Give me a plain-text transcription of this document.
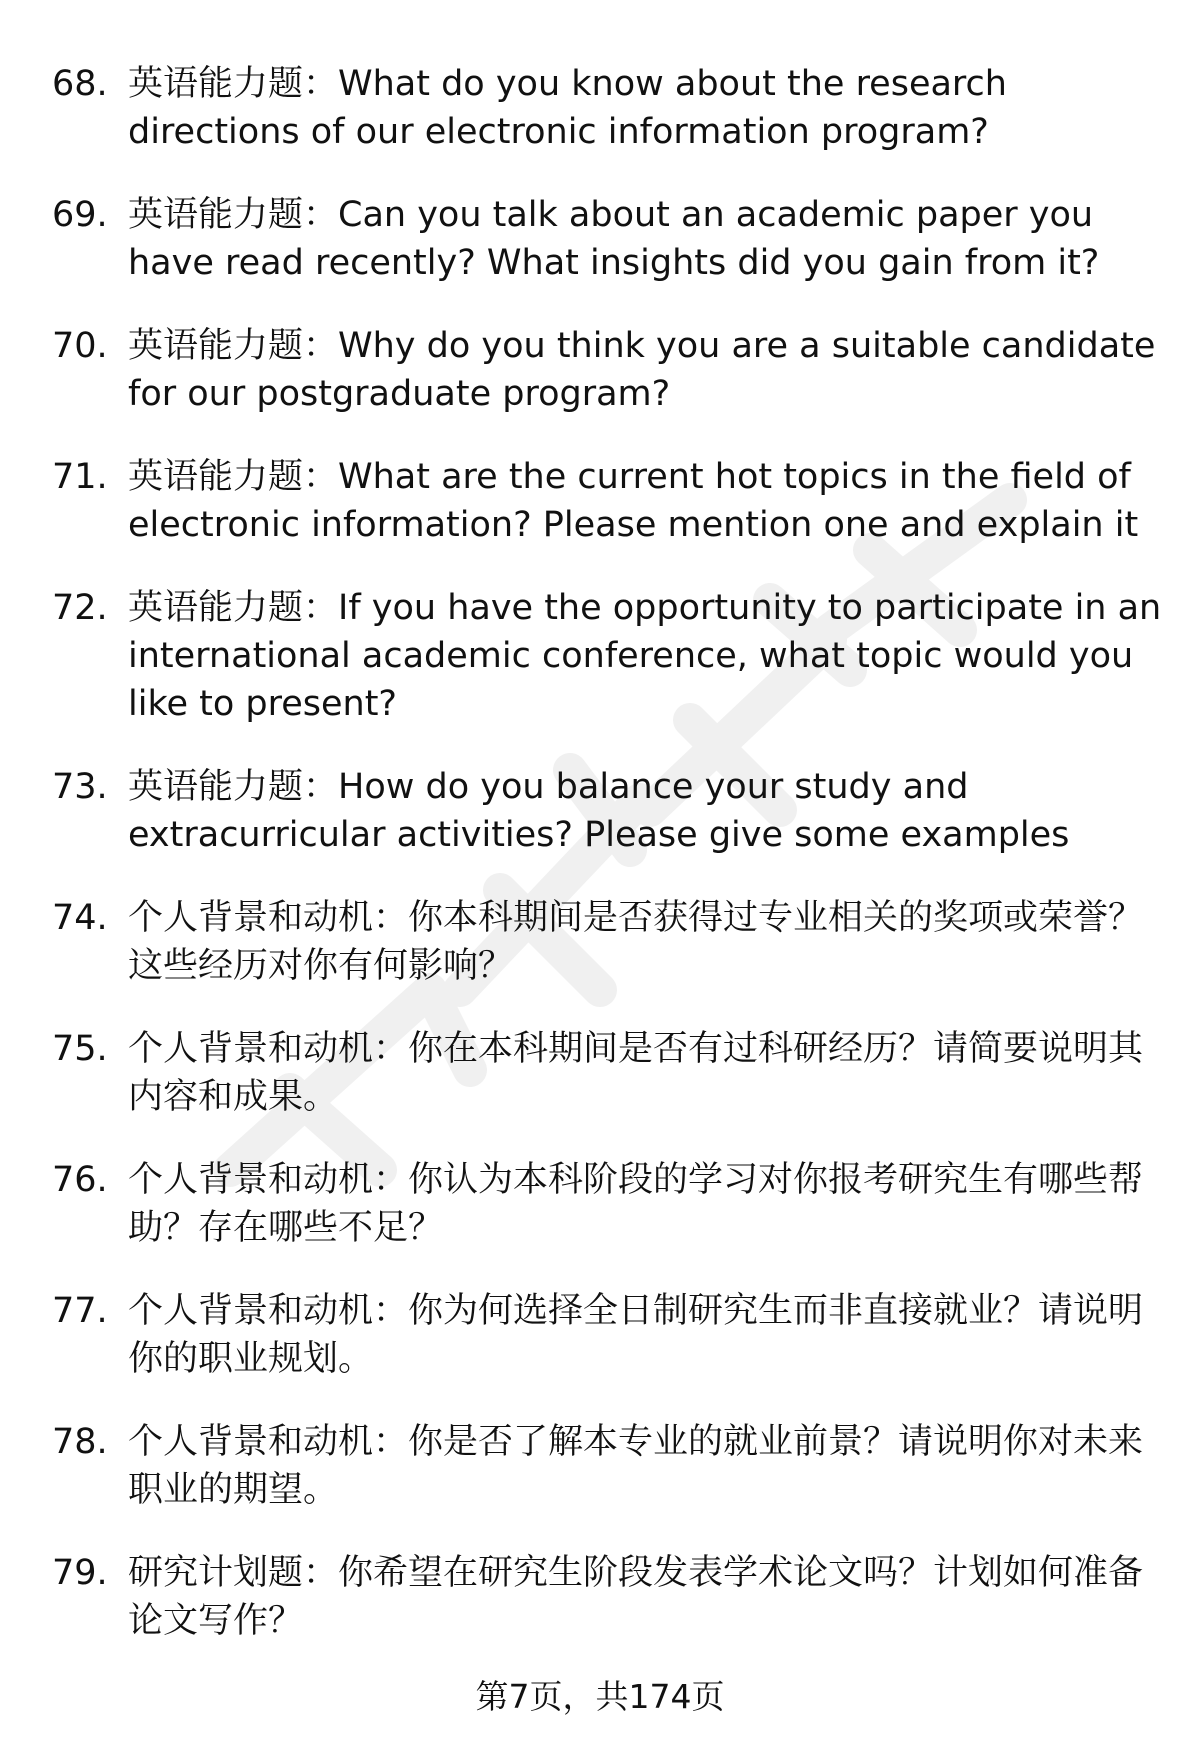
68. 英语能力题：What do you know about the research directions of our electronic information program?
69. 英语能力题：Can you talk about an academic paper you have read recently? What insights did you gain from it?
70. 英语能力题：Why do you think you are a suitable candidate for our postgraduate program?
71. 英语能力题：What are the current hot topics in the field of electronic information? Please mention one and explain it
72. 英语能力题：If you have the opportunity to participate in an international academic conference, what topic would you like to present?
73. 英语能力题：How do you balance your study and extracurricular activities? Please give some examples
74. 个人背景和动机：你本科期间是否获得过专业相关的奖项或荣誉？这些经历对你有何影响？
75. 个人背景和动机：你在本科期间是否有过科研经历？请简要说明其内容和成果。
76. 个人背景和动机：你认为本科阶段的学习对你报考研究生有哪些帮助？存在哪些不足？
77. 个人背景和动机：你为何选择全日制研究生而非直接就业？请说明你的职业规划。
78. 个人背景和动机：你是否了解本专业的就业前景？请说明你对未来职业的期望。
79. 研究计划题：你希望在研究生阶段发表学术论文吗？计划如何准备论文写作？
第7页，共174页
